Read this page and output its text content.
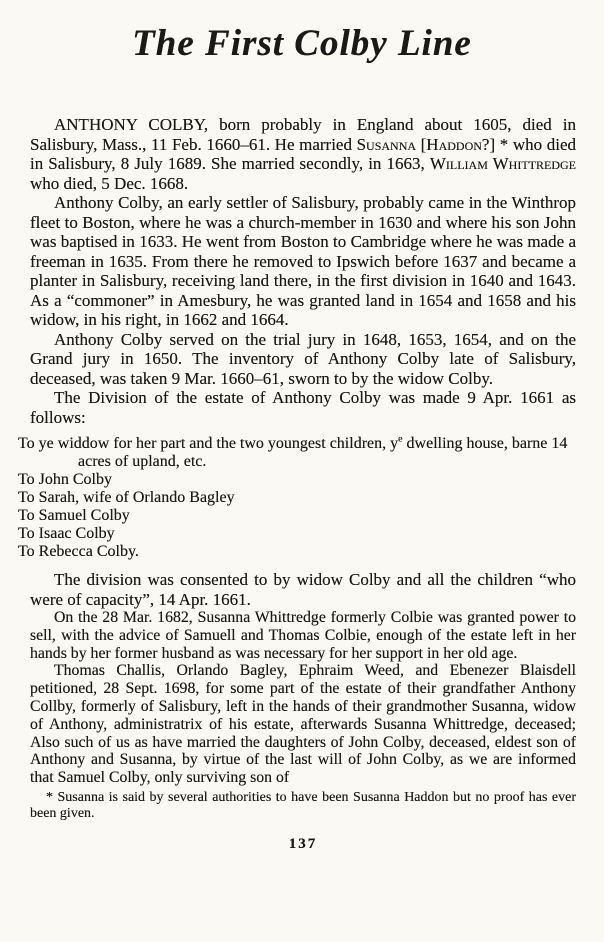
The First Colby Line

ANTHONY COLBY, born probably in England about 1605, died in Salisbury, Mass., 11 Feb. 1660–61. He married Susanna [Haddon?] * who died in Salisbury, 8 July 1689. She married secondly, in 1663, William Whittredge who died, 5 Dec. 1668.

Anthony Colby, an early settler of Salisbury, probably came in the Winthrop fleet to Boston, where he was a church-member in 1630 and where his son John was baptised in 1633. He went from Boston to Cambridge where he was made a freeman in 1635. From there he removed to Ipswich before 1637 and became a planter in Salisbury, receiving land there, in the first division in 1640 and 1643. As a “commoner” in Amesbury, he was granted land in 1654 and 1658 and his widow, in his right, in 1662 and 1664.

Anthony Colby served on the trial jury in 1648, 1653, 1654, and on the Grand jury in 1650. The inventory of Anthony Colby late of Salisbury, deceased, was taken 9 Mar. 1660–61, sworn to by the widow Colby.

The Division of the estate of Anthony Colby was made 9 Apr. 1661 as follows:

To ye widdow for her part and the two youngest children, $y^e$ dwelling house, barne 14 acres of upland, etc.
To John Colby
To Sarah, wife of Orlando Bagley
To Samuel Colby
To Isaac Colby
To Rebecca Colby.

The division was consented to by widow Colby and all the children “who were of capacity”, 14 Apr. 1661.

On the 28 Mar. 1682, Susanna Whittredge formerly Colbie was granted power to sell, with the advice of Samuell and Thomas Colbie, enough of the estate left in her hands by her former husband as was necessary for her support in her old age.

Thomas Challis, Orlando Bagley, Ephraim Weed, and Ebenezer Blaisdell petitioned, 28 Sept. 1698, for some part of the estate of their grandfather Anthony Collby, formerly of Salisbury, left in the hands of their grandmother Susanna, widow of Anthony, administratrix of his estate, afterwards Susanna Whittredge, deceased; Also such of us as have married the daughters of John Colby, deceased, eldest son of Anthony and Susanna, by virtue of the last will of John Colby, as we are informed that Samuel Colby, only surviving son of

* Susanna is said by several authorities to have been Susanna Haddon but no proof has ever been given.

137
